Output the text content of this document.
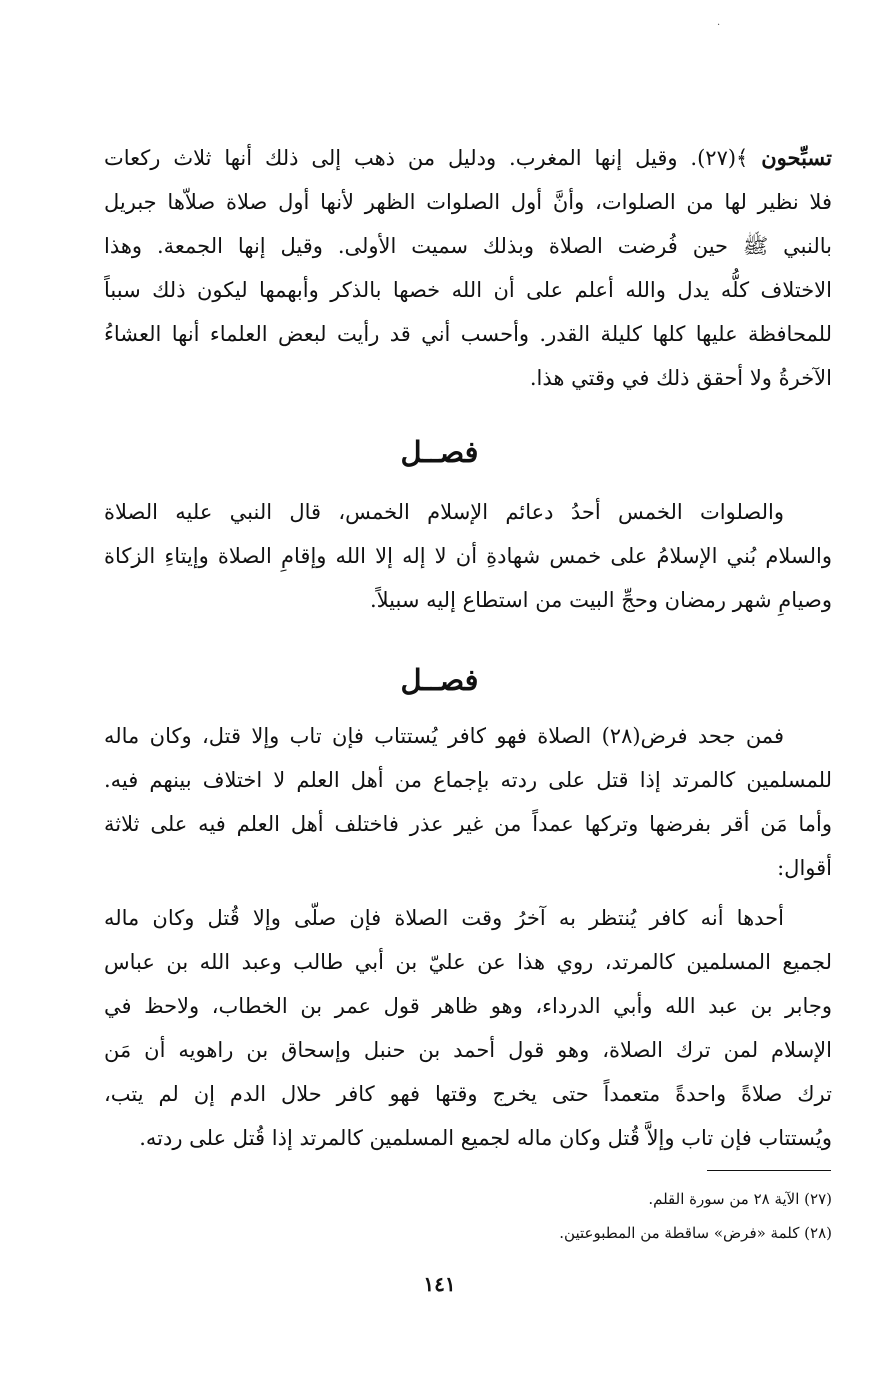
·
تسبِّحون ﴾(٢٧). وقيل إنها المغرب. ودليل من ذهب إلى ذلك أنها ثلاث ركعات
فلا نظير لها من الصلوات، وأنَّ أول الصلوات الظهر لأنها أول صلاة صلاّها جبريل
بالنبي ﷺ حين فُرضت الصلاة وبذلك سميت الأولى. وقيل إنها الجمعة. وهذا
الاختلاف كلُّه يدل والله أعلم على أن الله خصها بالذكر وأبهمها ليكون ذلك سبباً
للمحافظة عليها كلها كليلة القدر. وأحسب أني قد رأيت لبعض العلماء أنها العشاءُ
الآخرةُ ولا أحقق ذلك في وقتي هذا.
فصــل
والصلوات الخمس أحدُ دعائم الإسلام الخمس، قال النبي عليه الصلاة
والسلام بُني الإسلامُ على خمس شهادةِ أن لا إله إلا الله وإقامِ الصلاة وإيتاءِ الزكاة
وصيامِ شهر رمضان وحجِّ البيت من استطاع إليه سبيلاً.
فصــل
فمن جحد فرض(٢٨) الصلاة فهو كافر يُستتاب فإن تاب وإلا قتل، وكان ماله
للمسلمين كالمرتد إذا قتل على ردته بإجماع من أهل العلم لا اختلاف بينهم فيه.
وأما مَن أقر بفرضها وتركها عمداً من غير عذر فاختلف أهل العلم فيه على ثلاثة
أقوال:
أحدها أنه كافر يُنتظر به آخرُ وقت الصلاة فإن صلّى وإلا قُتل وكان ماله
لجميع المسلمين كالمرتد، روي هذا عن عليّ بن أبي طالب وعبد الله بن عباس
وجابر بن عبد الله وأبي الدرداء، وهو ظاهر قول عمر بن الخطاب، ولاحظ في
الإسلام لمن ترك الصلاة، وهو قول أحمد بن حنبل وإسحاق بن راهويه أن مَن
ترك صلاةً واحدةً متعمداً حتى يخرج وقتها فهو كافر حلال الدم إن لم يتب،
ويُستتاب فإن تاب وإلاَّ قُتل وكان ماله لجميع المسلمين كالمرتد إذا قُتل على ردته.
(٢٧) الآية ٢٨ من سورة القلم.
(٢٨) كلمة «فرض» ساقطة من المطبوعتين.
١٤١
